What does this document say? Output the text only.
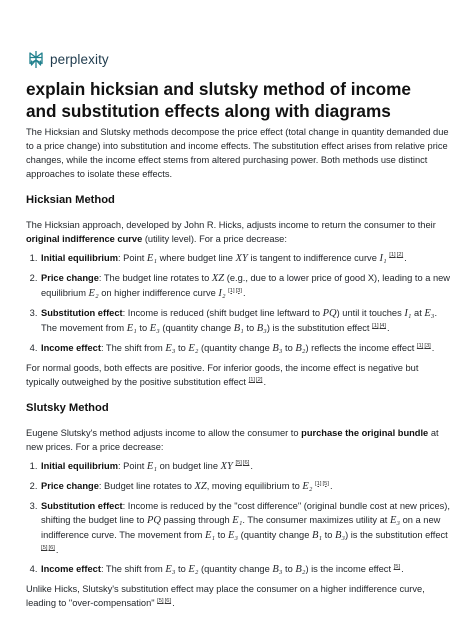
perplexity
explain hicksian and slutsky method of income and substitution effects along with diagrams

The Hicksian and Slutsky methods decompose the price effect (total change in quantity demanded due to a price change) into substitution and income effects. The substitution effect arises from relative price changes, while the income effect stems from altered purchasing power. Both methods use distinct approaches to isolate these effects.

Hicksian Method

The Hicksian approach, developed by John R. Hicks, adjusts income to return the consumer to their original indifference curve (utility level). For a price decrease:

1. Initial equilibrium: Point E₁ where budget line XY is tangent to indifference curve I₁ [1][2].
2. Price change: The budget line rotates to XZ (e.g., due to a lower price of good X), leading to a new equilibrium E₂ on higher indifference curve I₂ [1][3].
3. Substitution effect: Income is reduced (shift budget line leftward to PQ) until it touches I₁ at E₃. The movement from E₁ to E₃ (quantity change B₁ to B₃) is the substitution effect [1][4].
4. Income effect: The shift from E₃ to E₂ (quantity change B₃ to B₂) reflects the income effect [1][3].

For normal goods, both effects are positive. For inferior goods, the income effect is negative but typically outweighed by the positive substitution effect [1][2].

Slutsky Method

Eugene Slutsky's method adjusts income to allow the consumer to purchase the original bundle at new prices. For a price decrease:

1. Initial equilibrium: Point E₁ on budget line XY [5][6].
2. Price change: Budget line rotates to XZ, moving equilibrium to E₂ [1][5].
3. Substitution effect: Income is reduced by the "cost difference" (original bundle cost at new prices), shifting the budget line to PQ passing through E₁. The consumer maximizes utility at E₃ on a new indifference curve. The movement from E₁ to E₃ (quantity change B₁ to B₃) is the substitution effect [5][6].
4. Income effect: The shift from E₃ to E₂ (quantity change B₃ to B₂) is the income effect [5].

Unlike Hicks, Slutsky's substitution effect may place the consumer on a higher indifference curve, leading to "over-compensation" [5][6].
